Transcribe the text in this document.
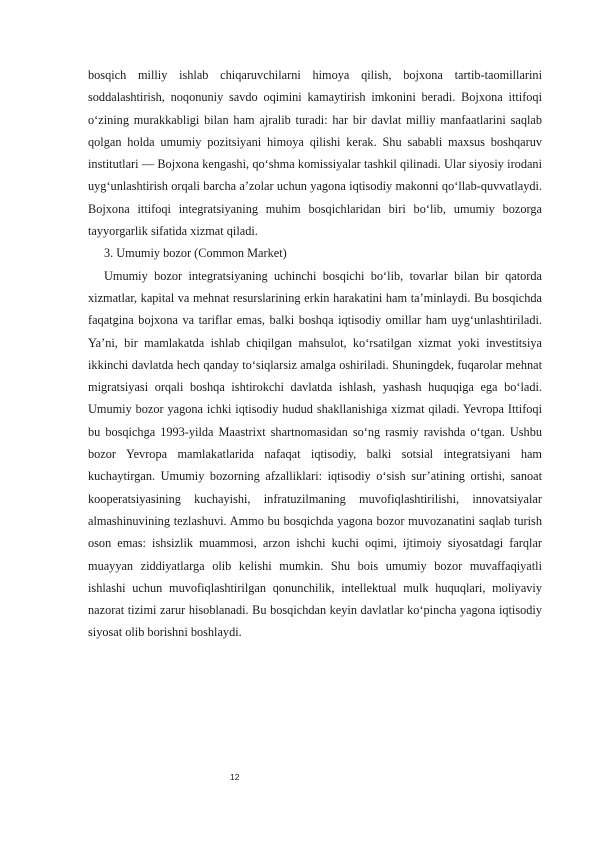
bosqich milliy ishlab chiqaruvchilarni himoya qilish, bojxona tartib-taomillarini soddalashtirish, noqonuniy savdo oqimini kamaytirish imkonini beradi. Bojxona ittifoqi o‘zining murakkabligi bilan ham ajralib turadi: har bir davlat milliy manfaatlarini saqlab qolgan holda umumiy pozitsiyani himoya qilishi kerak. Shu sababli maxsus boshqaruv institutlari — Bojxona kengashi, qo‘shma komissiyalar tashkil qilinadi. Ular siyosiy irodani uyg‘unlashtirish orqali barcha a’zolar uchun yagona iqtisodiy makonni qo‘llab-quvvatlaydi. Bojxona ittifoqi integratsiyaning muhim bosqichlaridan biri bo‘lib, umumiy bozorga tayyorgarlik sifatida xizmat qiladi.

3. Umumiy bozor (Common Market)

Umumiy bozor integratsiyaning uchinchi bosqichi bo‘lib, tovarlar bilan bir qatorda xizmatlar, kapital va mehnat resurslarining erkin harakatini ham ta’minlaydi. Bu bosqichda faqatgina bojxona va tariflar emas, balki boshqa iqtisodiy omillar ham uyg‘unlashtiriladi. Ya’ni, bir mamlakatda ishlab chiqilgan mahsulot, ko‘rsatilgan xizmat yoki investitsiya ikkinchi davlatda hech qanday to‘siqlarsiz amalga oshiriladi. Shuningdek, fuqarolar mehnat migratsiyasi orqali boshqa ishtirokchi davlatda ishlash, yashash huquqiga ega bo‘ladi. Umumiy bozor yagona ichki iqtisodiy hudud shakllanishiga xizmat qiladi. Yevropa Ittifoqi bu bosqichga 1993-yilda Maastrixt shartnomasidan so‘ng rasmiy ravishda o‘tgan. Ushbu bozor Yevropa mamlakatlarida nafaqat iqtisodiy, balki sotsial integratsiyani ham kuchaytirgan. Umumiy bozorning afzalliklari: iqtisodiy o‘sish sur’atining ortishi, sanoat kooperatsiyasining kuchayishi, infratuzilmaning muvofiqlashtirilishi, innovatsiyalar almashinuvining tezlashuvi. Ammo bu bosqichda yagona bozor muvozanatini saqlab turish oson emas: ishsizlik muammosi, arzon ishchi kuchi oqimi, ijtimoiy siyosatdagi farqlar muayyan ziddiyatlarga olib kelishi mumkin. Shu bois umumiy bozor muvaffaqiyatli ishlashi uchun muvofiqlashtirilgan qonunchilik, intellektual mulk huquqlari, moliyaviy nazorat tizimi zarur hisoblanadi. Bu bosqichdan keyin davlatlar ko‘pincha yagona iqtisodiy siyosat olib borishni boshlaydi.

12
